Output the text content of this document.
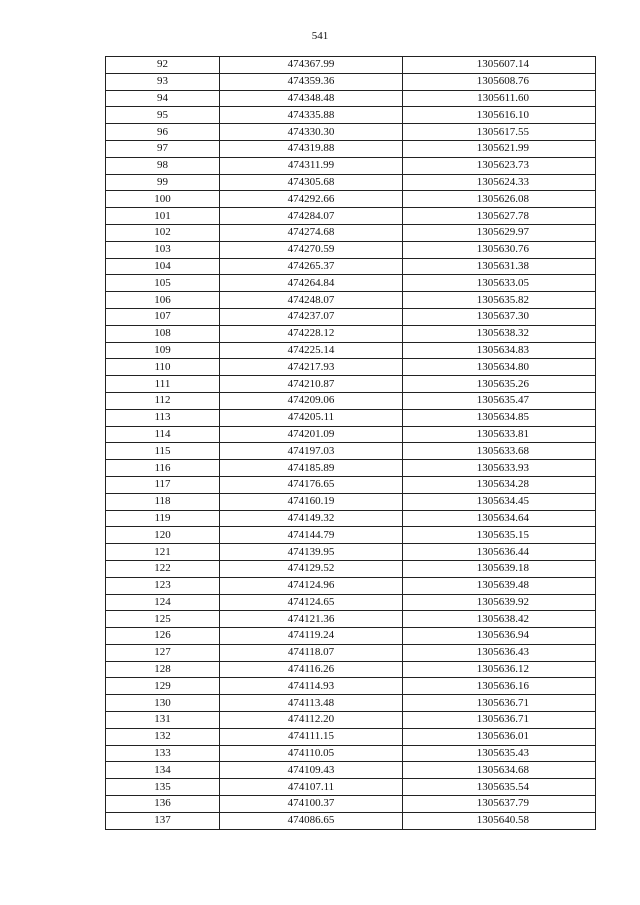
541
92	474367.99	1305607.14
93	474359.36	1305608.76
94	474348.48	1305611.60
95	474335.88	1305616.10
96	474330.30	1305617.55
97	474319.88	1305621.99
98	474311.99	1305623.73
99	474305.68	1305624.33
100	474292.66	1305626.08
101	474284.07	1305627.78
102	474274.68	1305629.97
103	474270.59	1305630.76
104	474265.37	1305631.38
105	474264.84	1305633.05
106	474248.07	1305635.82
107	474237.07	1305637.30
108	474228.12	1305638.32
109	474225.14	1305634.83
110	474217.93	1305634.80
111	474210.87	1305635.26
112	474209.06	1305635.47
113	474205.11	1305634.85
114	474201.09	1305633.81
115	474197.03	1305633.68
116	474185.89	1305633.93
117	474176.65	1305634.28
118	474160.19	1305634.45
119	474149.32	1305634.64
120	474144.79	1305635.15
121	474139.95	1305636.44
122	474129.52	1305639.18
123	474124.96	1305639.48
124	474124.65	1305639.92
125	474121.36	1305638.42
126	474119.24	1305636.94
127	474118.07	1305636.43
128	474116.26	1305636.12
129	474114.93	1305636.16
130	474113.48	1305636.71
131	474112.20	1305636.71
132	474111.15	1305636.01
133	474110.05	1305635.43
134	474109.43	1305634.68
135	474107.11	1305635.54
136	474100.37	1305637.79
137	474086.65	1305640.58
